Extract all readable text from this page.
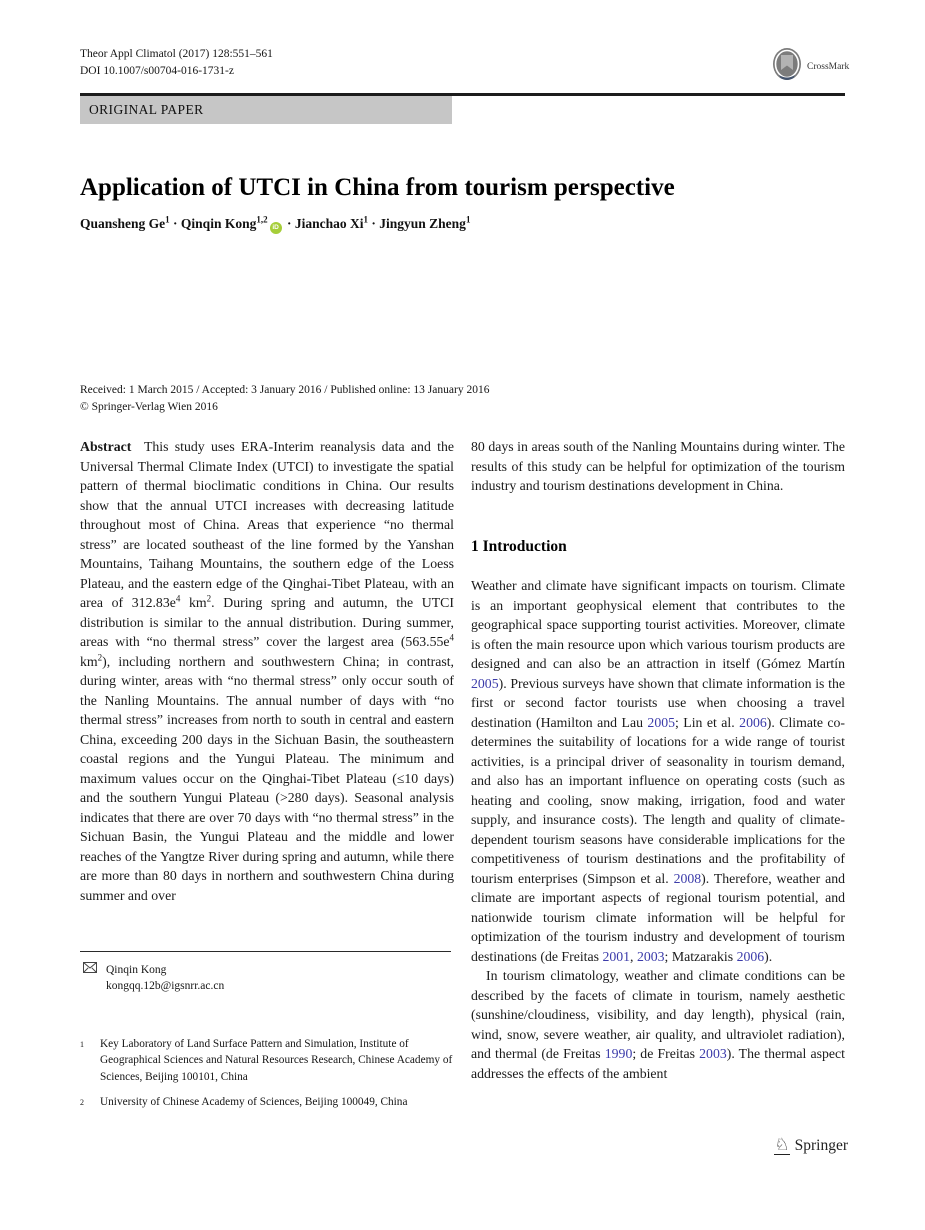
Theor Appl Climatol (2017) 128:551–561
DOI 10.1007/s00704-016-1731-z	CrossMark
ORIGINAL PAPER
Application of UTCI in China from tourism perspective
Quansheng $Ge^1$ · Qinqin Kong$^{1,2}$iD · Jianchao $Xi^1$ · Jingyun Zheng$^1$
Received: 1 March 2015 / Accepted: 3 January 2016 / Published online: 13 January 2016
© Springer-Verlag Wien 2016

Abstract  This study uses ERA-Interim reanalysis data and the Universal Thermal Climate Index (UTCI) to investigate the spatial pattern of thermal bioclimatic conditions in China. Our results show that the annual UTCI increases with decreasing latitude throughout most of China. Areas that experience “no thermal stress” are located southeast of the line formed by the Yanshan Mountains, Taihang Mountains, the southern edge of the Loess Plateau, and the eastern edge of the Qinghai-Tibet Plateau, with an area of $312.83e^4$ $km^2$. During spring and autumn, the UTCI distribution is similar to the annual distribution. During summer, areas with “no thermal stress” cover the largest area ($563.55e^4$ $km^2$), including northern and southwestern China; in contrast, during winter, areas with “no thermal stress” only occur south of the Nanling Mountains. The annual number of days with “no thermal stress” increases from north to south in central and eastern China, exceeding 200 days in the Sichuan Basin, the southeastern coastal regions and the Yungui Plateau. The minimum and maximum values occur on the Qinghai-Tibet Plateau (≤10 days) and the southern Yungui Plateau (>280 days). Seasonal analysis indicates that there are over 70 days with “no thermal stress” in the Sichuan Basin, the Yungui Plateau and the middle and lower reaches of the Yangtze River during spring and autumn, while there are more than 80 days in northern and southwestern China during summer and over

80 days in areas south of the Nanling Mountains during winter. The results of this study can be helpful for optimization of the tourism industry and tourism destinations development in China.

1 Introduction

Weather and climate have significant impacts on tourism. Climate is an important geophysical element that contributes to the geographical space supporting tourist activities. Moreover, climate is often the main resource upon which various tourism products are designed and can also be an attraction in itself (Gómez Martín 2005). Previous surveys have shown that climate information is the first or second factor tourists use when choosing a travel destination (Hamilton and Lau 2005; Lin et al. 2006). Climate co-determines the suitability of locations for a wide range of tourist activities, is a principal driver of seasonality in tourism demand, and also has an important influence on operating costs (such as heating and cooling, snow making, irrigation, food and water supply, and insurance costs). The length and quality of climate-dependent tourism seasons have considerable implications for the competitiveness of tourism destinations and the profitability of tourism enterprises (Simpson et al. 2008). Therefore, weather and climate are important aspects of regional tourism potential, and nationwide tourism climate information will be helpful for optimization of the tourism industry and development of tourism destinations (de Freitas 2001, 2003; Matzarakis 2006).

In tourism climatology, weather and climate conditions can be described by the facets of climate in tourism, namely aesthetic (sunshine/cloudiness, visibility, and day length), physical (rain, wind, snow, severe weather, air quality, and ultraviolet radiation), and thermal (de Freitas 1990; de Freitas 2003). The thermal aspect addresses the effects of the ambient

Qinqin Kong
kongqq.12b@igsnrr.ac.cn
1	Key Laboratory of Land Surface Pattern and Simulation, Institute of Geographical Sciences and Natural Resources Research, Chinese Academy of Sciences, Beijing 100101, China
2	University of Chinese Academy of Sciences, Beijing 100049, China
♘ Springer
